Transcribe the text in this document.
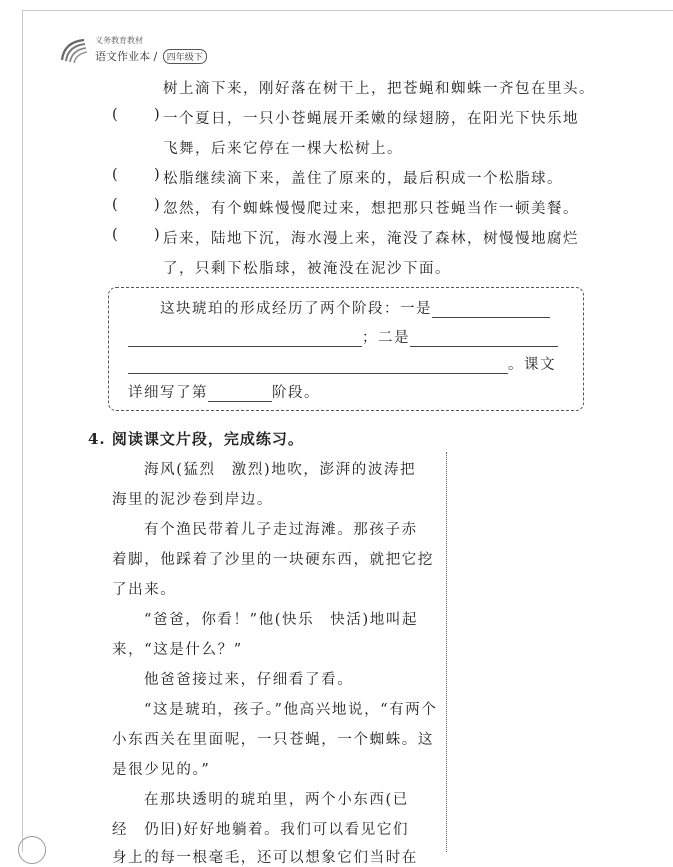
义务教育教材
语文作业本 / 四年级下
树上滴下来，刚好落在树干上，把苍蝇和蜘蛛一齐包在里头。
(	) 一个夏日，一只小苍蝇展开柔嫩的绿翅膀，在阳光下快乐地
飞舞，后来它停在一棵大松树上。
(	) 松脂继续滴下来，盖住了原来的，最后积成一个松脂球。
(	) 忽然，有个蜘蛛慢慢爬过来，想把那只苍蝇当作一顿美餐。
(	) 后来，陆地下沉，海水漫上来，淹没了森林，树慢慢地腐烂
了，只剩下松脂球，被淹没在泥沙下面。
这块琥珀的形成经历了两个阶段：一是
；二是
。课文
详细写了第	阶段。
4. 阅读课文片段，完成练习。
海风(猛烈　激烈)地吹，澎湃的波涛把
海里的泥沙卷到岸边。
有个渔民带着儿子走过海滩。那孩子赤
着脚，他踩着了沙里的一块硬东西，就把它挖
了出来。
“爸爸，你看！”他(快乐　快活)地叫起
来，“这是什么？”
他爸爸接过来，仔细看了看。
“这是琥珀，孩子。”他高兴地说，“有两个
小东西关在里面呢，一只苍蝇，一个蜘蛛。这
是很少见的。”
在那块透明的琥珀里，两个小东西(已
经　仍旧)好好地躺着。我们可以看见它们
身上的每一根毫毛，还可以想象它们当时在
